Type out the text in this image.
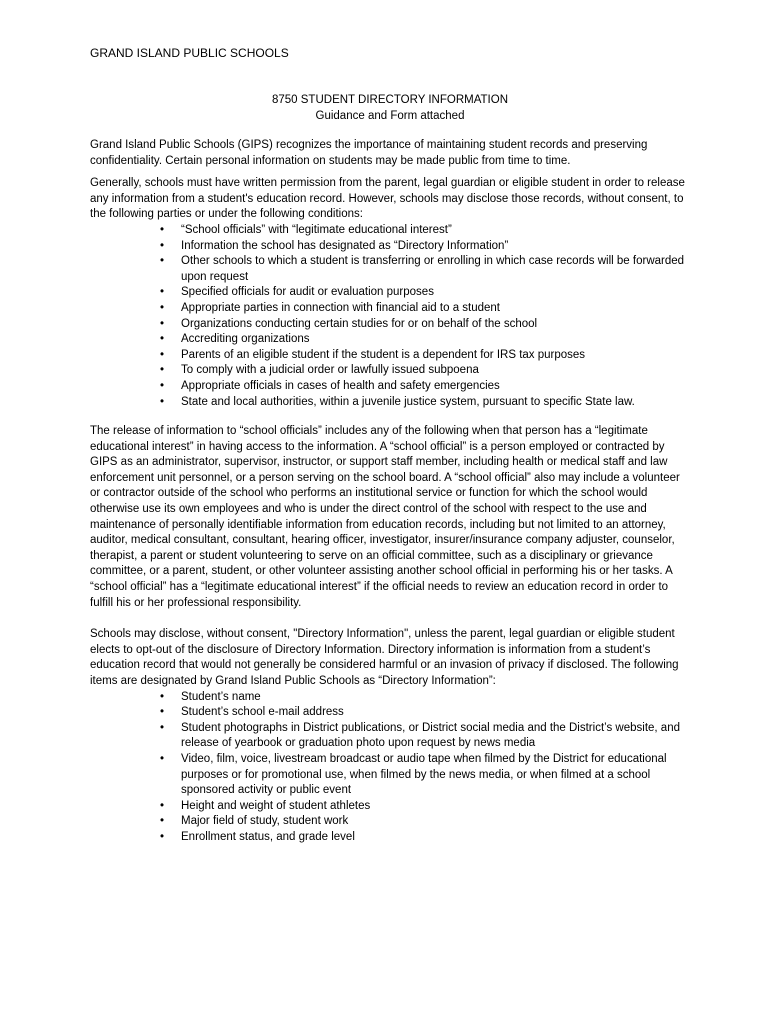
GRAND ISLAND PUBLIC SCHOOLS

8750 STUDENT DIRECTORY INFORMATION
Guidance and Form attached

Grand Island Public Schools (GIPS) recognizes the importance of maintaining student records and preserving confidentiality. Certain personal information on students may be made public from time to time.

Generally, schools must have written permission from the parent, legal guardian or eligible student in order to release any information from a student's education record. However, schools may disclose those records, without consent, to the following parties or under the following conditions:

• “School officials” with “legitimate educational interest”
• Information the school has designated as “Directory Information”
• Other schools to which a student is transferring or enrolling in which case records will be forwarded upon request
• Specified officials for audit or evaluation purposes
• Appropriate parties in connection with financial aid to a student
• Organizations conducting certain studies for or on behalf of the school
• Accrediting organizations
• Parents of an eligible student if the student is a dependent for IRS tax purposes
• To comply with a judicial order or lawfully issued subpoena
• Appropriate officials in cases of health and safety emergencies
• State and local authorities, within a juvenile justice system, pursuant to specific State law.

The release of information to “school officials” includes any of the following when that person has a “legitimate educational interest” in having access to the information. A “school official” is a person employed or contracted by GIPS as an administrator, supervisor, instructor, or support staff member, including health or medical staff and law enforcement unit personnel, or a person serving on the school board. A “school official” also may include a volunteer or contractor outside of the school who performs an institutional service or function for which the school would otherwise use its own employees and who is under the direct control of the school with respect to the use and maintenance of personally identifiable information from education records, including but not limited to an attorney, auditor, medical consultant, consultant, hearing officer, investigator, insurer/insurance company adjuster, counselor, therapist, a parent or student volunteering to serve on an official committee, such as a disciplinary or grievance committee, or a parent, student, or other volunteer assisting another school official in performing his or her tasks. A “school official” has a “legitimate educational interest” if the official needs to review an education record in order to fulfill his or her professional responsibility.

Schools may disclose, without consent, "Directory Information", unless the parent, legal guardian or eligible student elects to opt-out of the disclosure of Directory Information. Directory information is information from a student’s education record that would not generally be considered harmful or an invasion of privacy if disclosed. The following items are designated by Grand Island Public Schools as “Directory Information”:

• Student’s name
• Student’s school e-mail address
• Student photographs in District publications, or District social media and the District’s website, and release of yearbook or graduation photo upon request by news media
• Video, film, voice, livestream broadcast or audio tape when filmed by the District for educational purposes or for promotional use, when filmed by the news media, or when filmed at a school sponsored activity or public event
• Height and weight of student athletes
• Major field of study, student work
• Enrollment status, and grade level
